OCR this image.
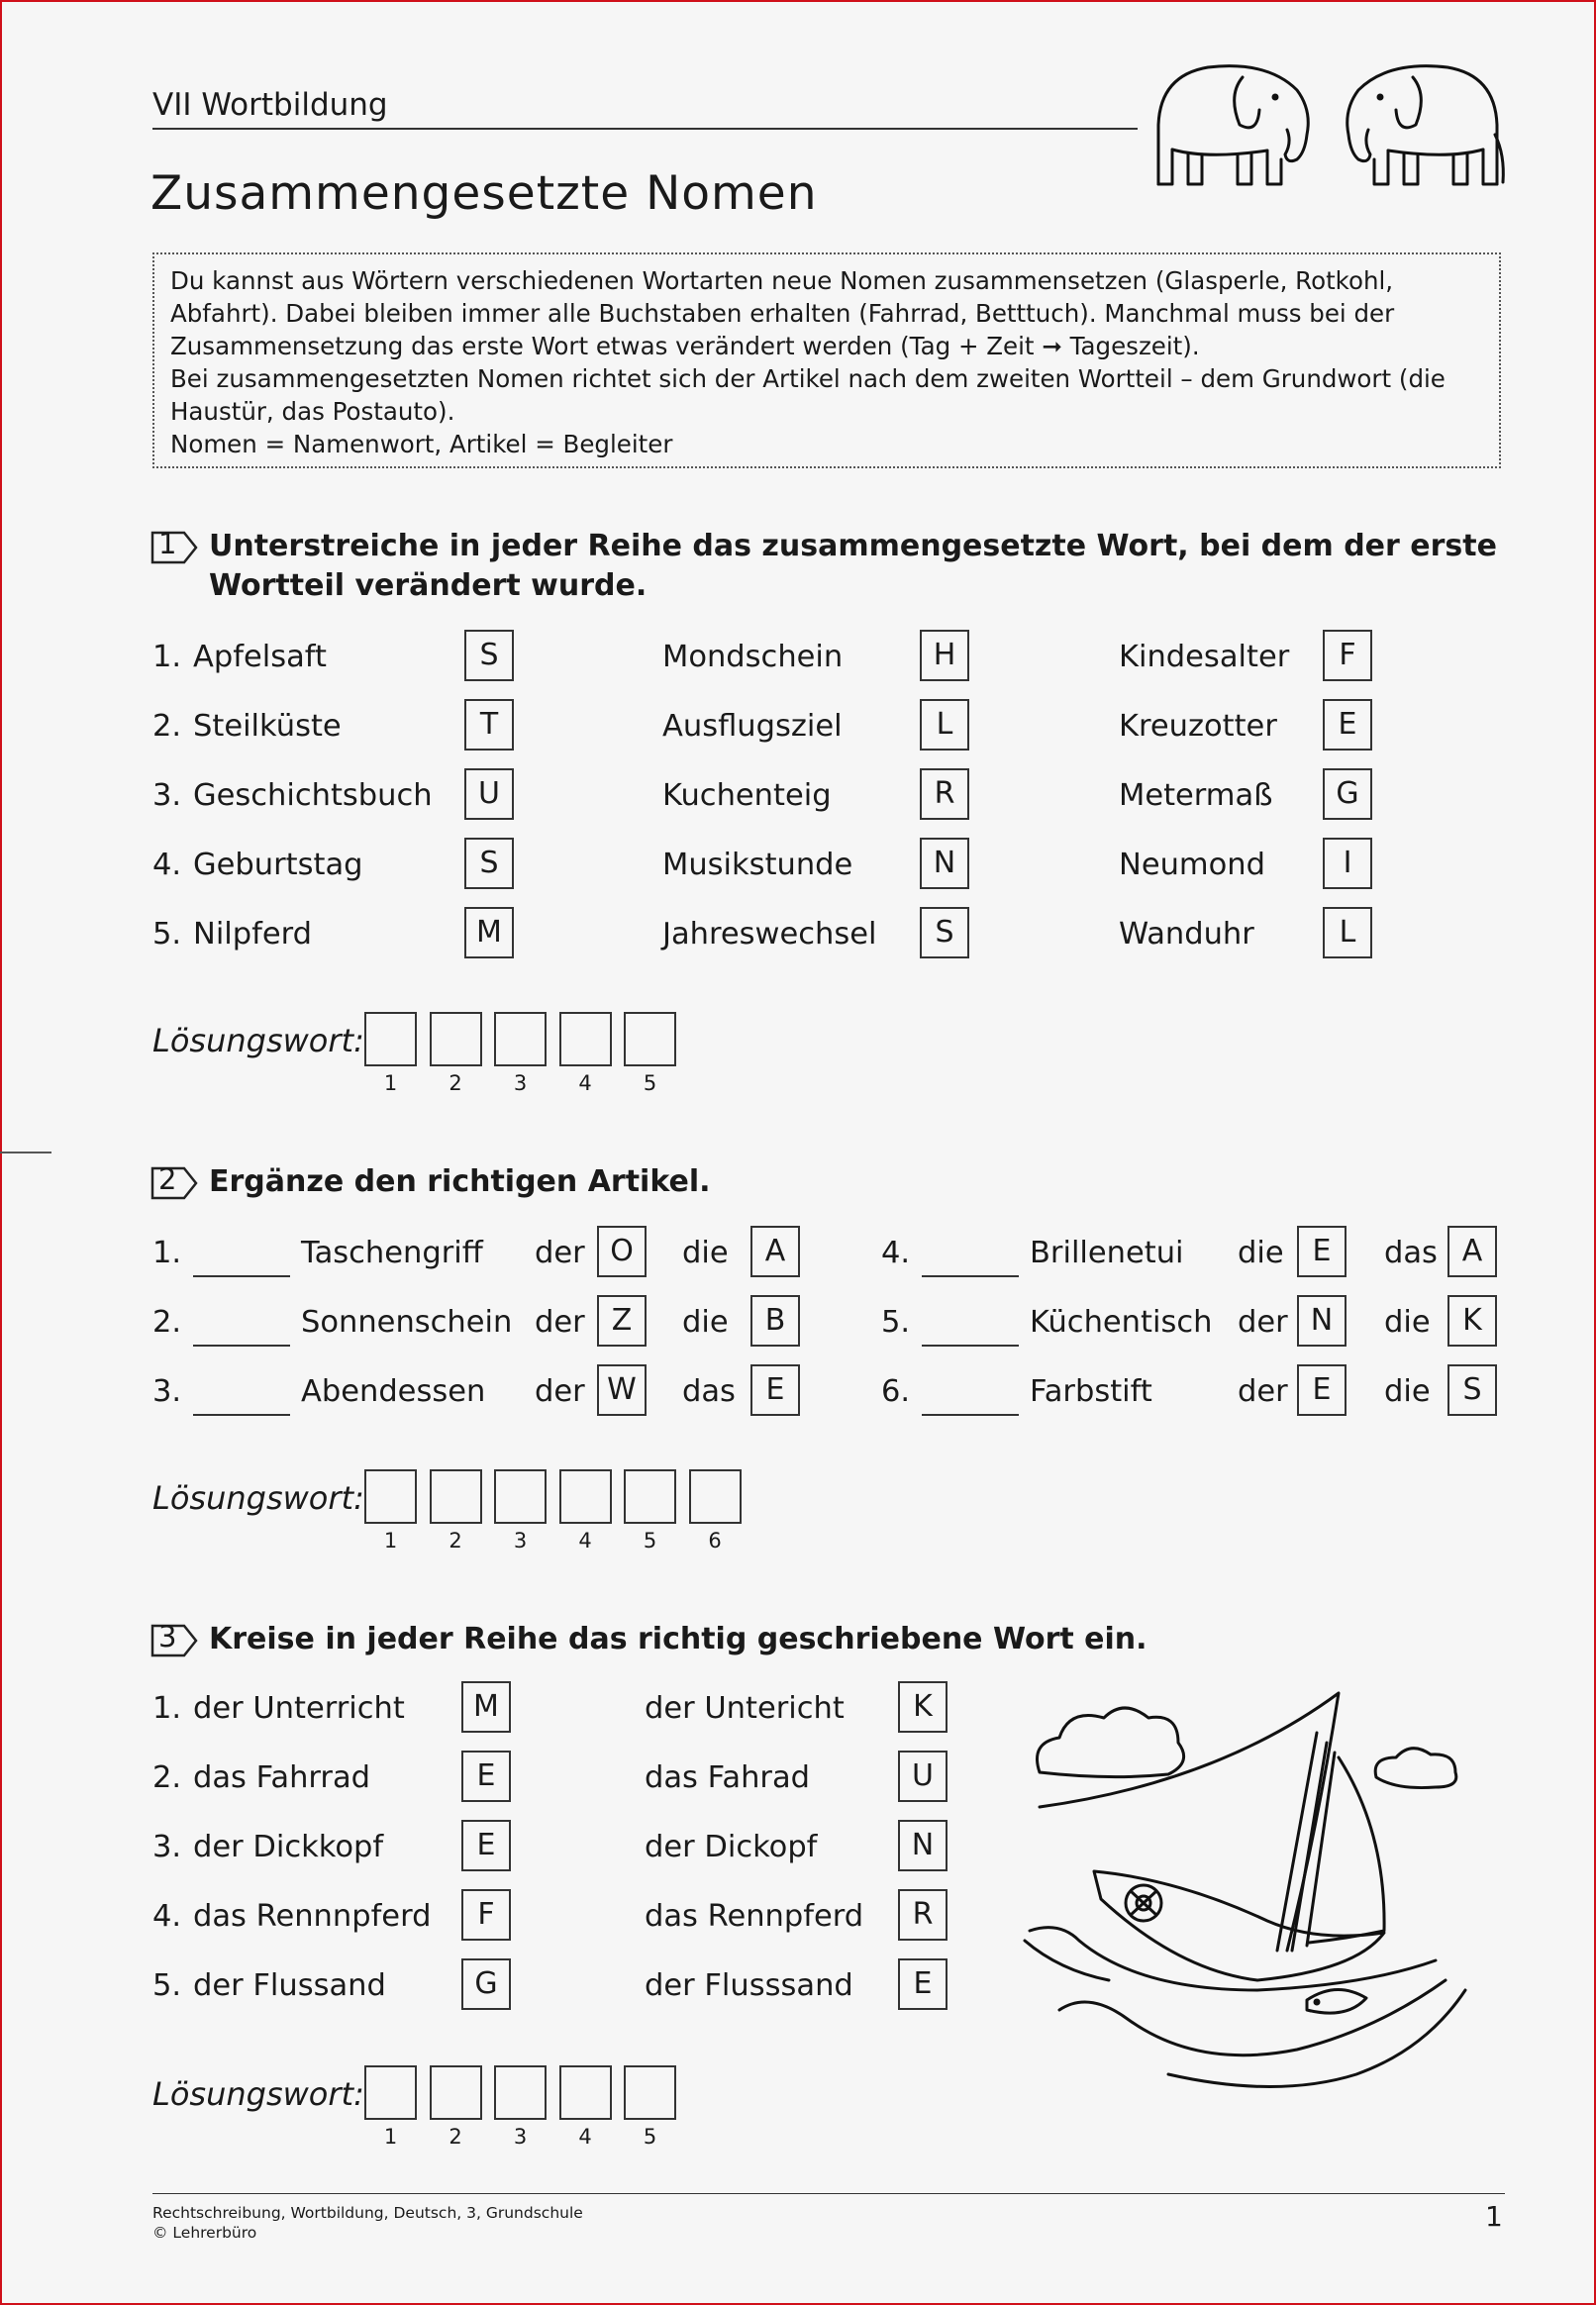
VII Wortbildung
Zusammengesetzte Nomen
Du kannst aus Wörtern verschiedenen Wortarten neue Nomen zusammensetzen (Glasperle, Rotkohl,
Abfahrt). Dabei bleiben immer alle Buchstaben erhalten (Fahrrad, Betttuch). Manchmal muss bei der
Zusammensetzung das erste Wort etwas verändert werden (Tag + Zeit ➞ Tageszeit).
Bei zusammengesetzten Nomen richtet sich der Artikel nach dem zweiten Wortteil – dem Grundwort (die
Haustür, das Postauto).
Nomen = Namenwort, Artikel = Begleiter
1 Unterstreiche in jeder Reihe das zusammengesetzte Wort, bei dem der erste
Wortteil verändert wurde.
Lösungswort:
2 Ergänze den richtigen Artikel.
Lösungswort:
3 Kreise in jeder Reihe das richtig geschriebene Wort ein.
Lösungswort:
Rechtschreibung, Wortbildung, Deutsch, 3, Grundschule
© Lehrerbüro	1
1. Apfelsaft	S	Mondschein	H	Kindesalter	F
2. Steilküste	T	Ausflugsziel	L	Kreuzotter	E
3. Geschichtsbuch	U	Kuchenteig	R	Metermaß	G
4. Geburtstag	S	Musikstunde	N	Neumond	I
5. Nilpferd	M	Jahreswechsel	S	Wanduhr	L
1.	Taschengriff der O	die	A
2.	Sonnenschein der Z	die	B
3.	Abendessen der W	das	E
4.	Brillenetui die E	das A
5.	Küchentisch der N	die	K
6.	Farbstift	der E	die	S
1. der Unterricht	M	der Untericht	K
2. das Fahrrad	E	das Fahrad	U
3. der Dickkopf	E	der Dickopf	N
4. das Rennnpferd	F	das Rennpferd	R
5. der Flussand	G	der Flusssand	E
1	2	3	4	5
1	2	3	4	5	6
1	2	3	4	5
